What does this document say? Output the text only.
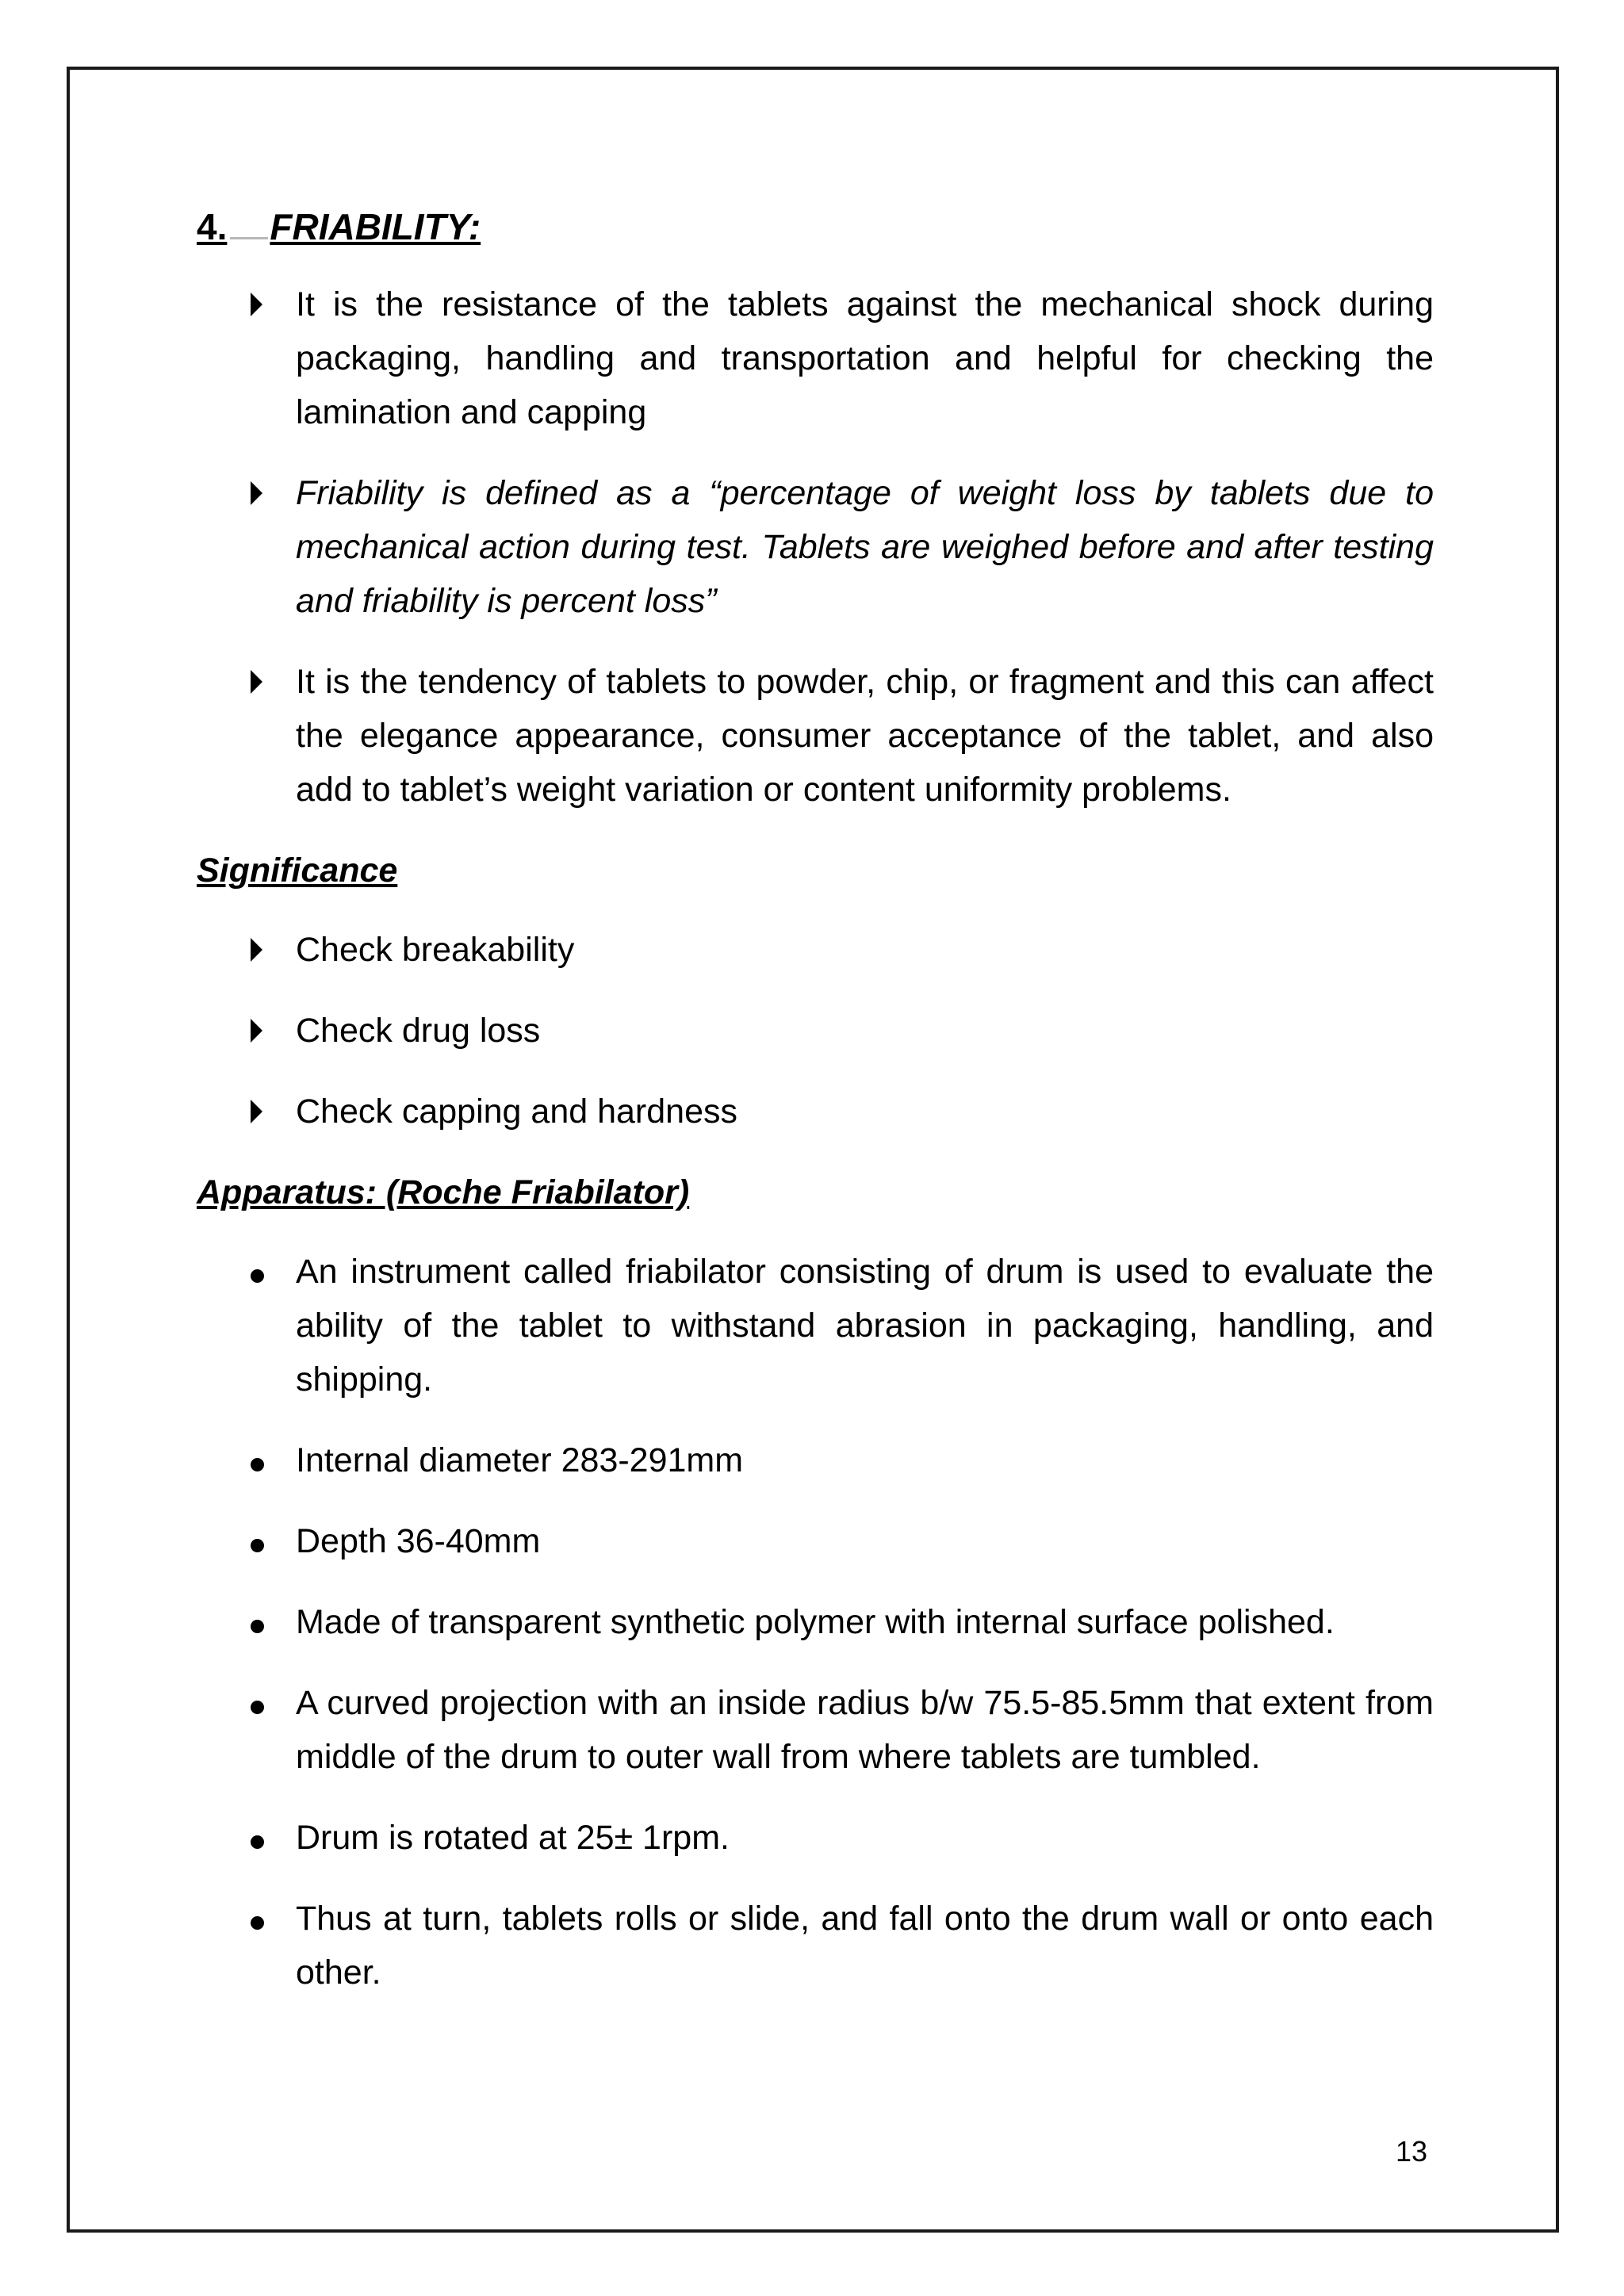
4. FRIABILITY:
It is the resistance of the tablets against the mechanical shock during packaging, handling and transportation and helpful for checking the lamination and capping
Friability is defined as a “percentage of weight loss by tablets due to mechanical action during test. Tablets are weighed before and after testing and friability is percent loss”
It is the tendency of tablets to powder, chip, or fragment and this can affect the elegance appearance, consumer acceptance of the tablet, and also add to tablet’s weight variation or content uniformity problems.
Significance
Check breakability
Check drug loss
Check capping and hardness
Apparatus: (Roche Friabilator)
An instrument called friabilator consisting of drum is used to evaluate the ability of the tablet to withstand abrasion in packaging, handling, and shipping.
Internal diameter 283-291mm
Depth 36-40mm
Made of transparent synthetic polymer with internal surface polished.
A curved projection with an inside radius b/w 75.5-85.5mm that extent from middle of the drum to outer wall from where tablets are tumbled.
Drum is rotated at 25± 1rpm.
Thus at turn, tablets rolls or slide, and fall onto the drum wall or onto each other.
13
